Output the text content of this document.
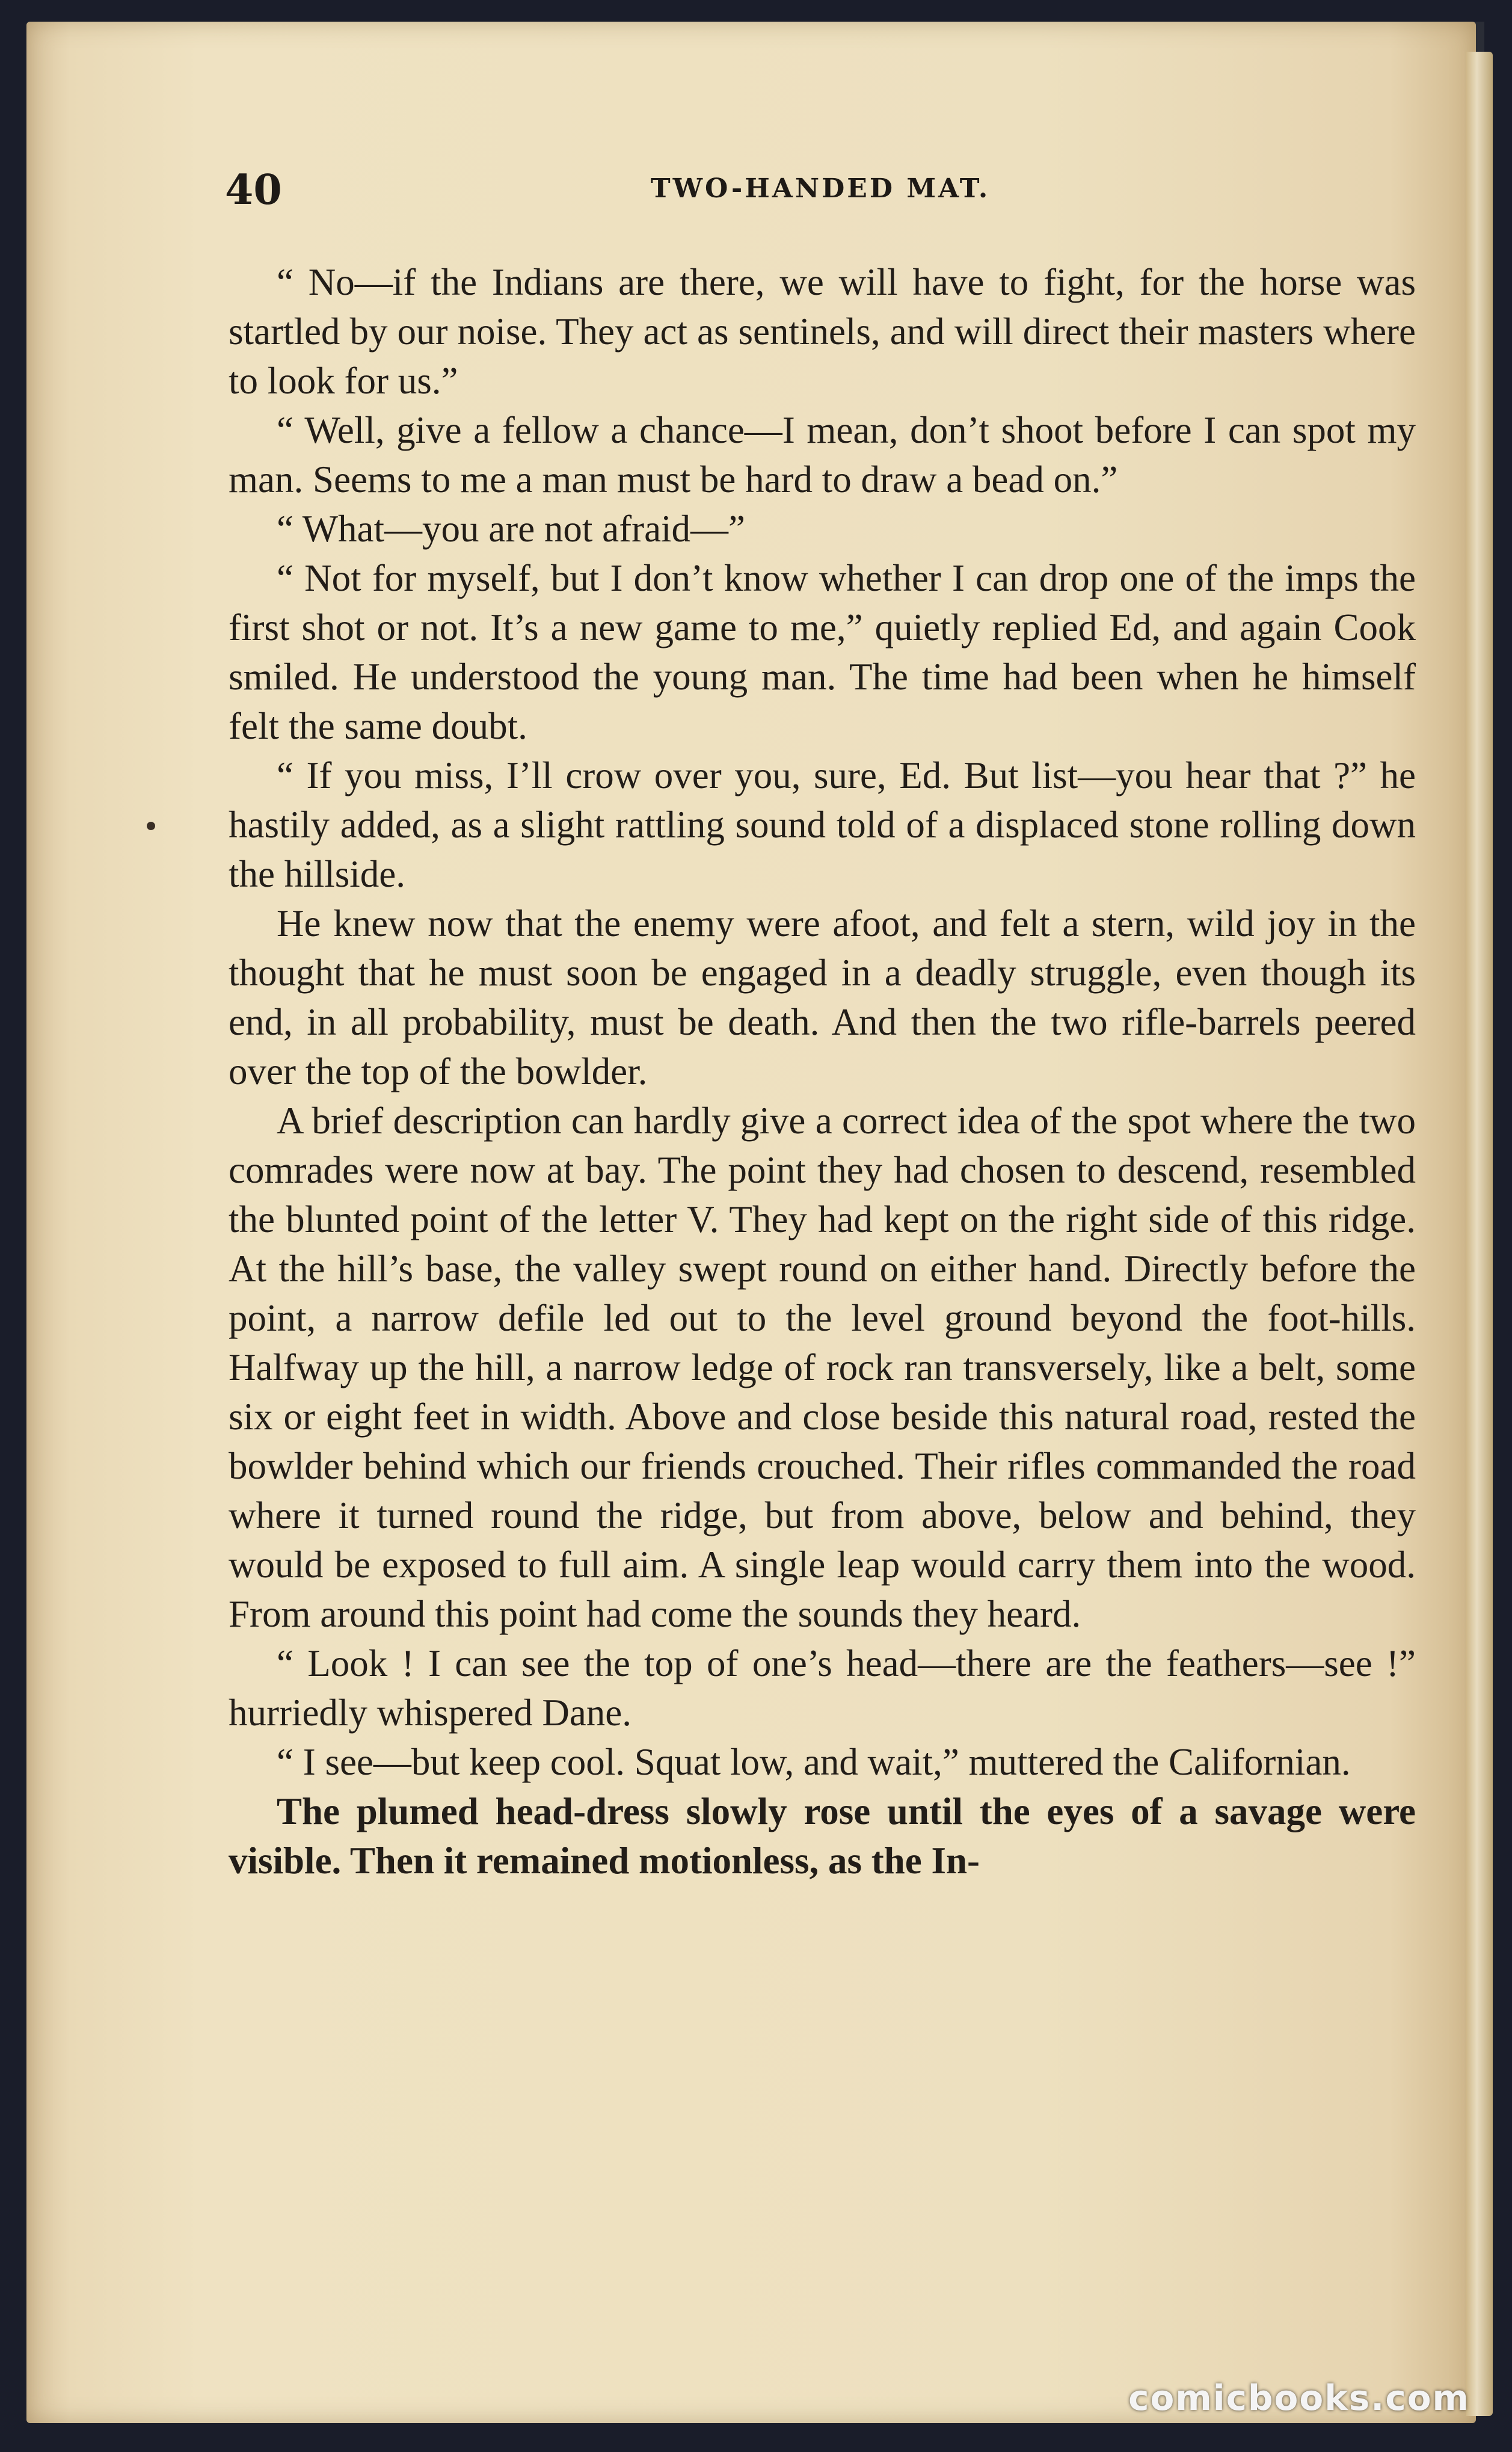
40	TWO-HANDED MAT.

“ No—if the Indians are there, we will have to fight, for the horse was startled by our noise. They act as sentinels, and will direct their masters where to look for us.”

“ Well, give a fellow a chance—I mean, don’t shoot before I can spot my man. Seems to me a man must be hard to draw a bead on.”

“ What—you are not afraid—”

“ Not for myself, but I don’t know whether I can drop one of the imps the first shot or not. It’s a new game to me,” quietly replied Ed, and again Cook smiled. He understood the young man. The time had been when he himself felt the same doubt.

“ If you miss, I’ll crow over you, sure, Ed. But list—you hear that ?” he hastily added, as a slight rattling sound told of a displaced stone rolling down the hillside.

He knew now that the enemy were afoot, and felt a stern, wild joy in the thought that he must soon be engaged in a deadly struggle, even though its end, in all probability, must be death. And then the two rifle-barrels peered over the top of the bowlder.

A brief description can hardly give a correct idea of the spot where the two comrades were now at bay. The point they had chosen to descend, resembled the blunted point of the letter V. They had kept on the right side of this ridge. At the hill’s base, the valley swept round on either hand. Directly before the point, a narrow defile led out to the level ground beyond the foot-hills. Halfway up the hill, a narrow ledge of rock ran transversely, like a belt, some six or eight feet in width. Above and close beside this natural road, rested the bowlder behind which our friends crouched. Their rifles commanded the road where it turned round the ridge, but from above, below and behind, they would be exposed to full aim. A single leap would carry them into the wood. From around this point had come the sounds they heard.

“ Look ! I can see the top of one’s head—there are the feathers—see !” hurriedly whispered Dane.

“ I see—but keep cool. Squat low, and wait,” muttered the Californian.

The plumed head-dress slowly rose until the eyes of a savage were visible. Then it remained motionless, as the In-

comicbooks.com
